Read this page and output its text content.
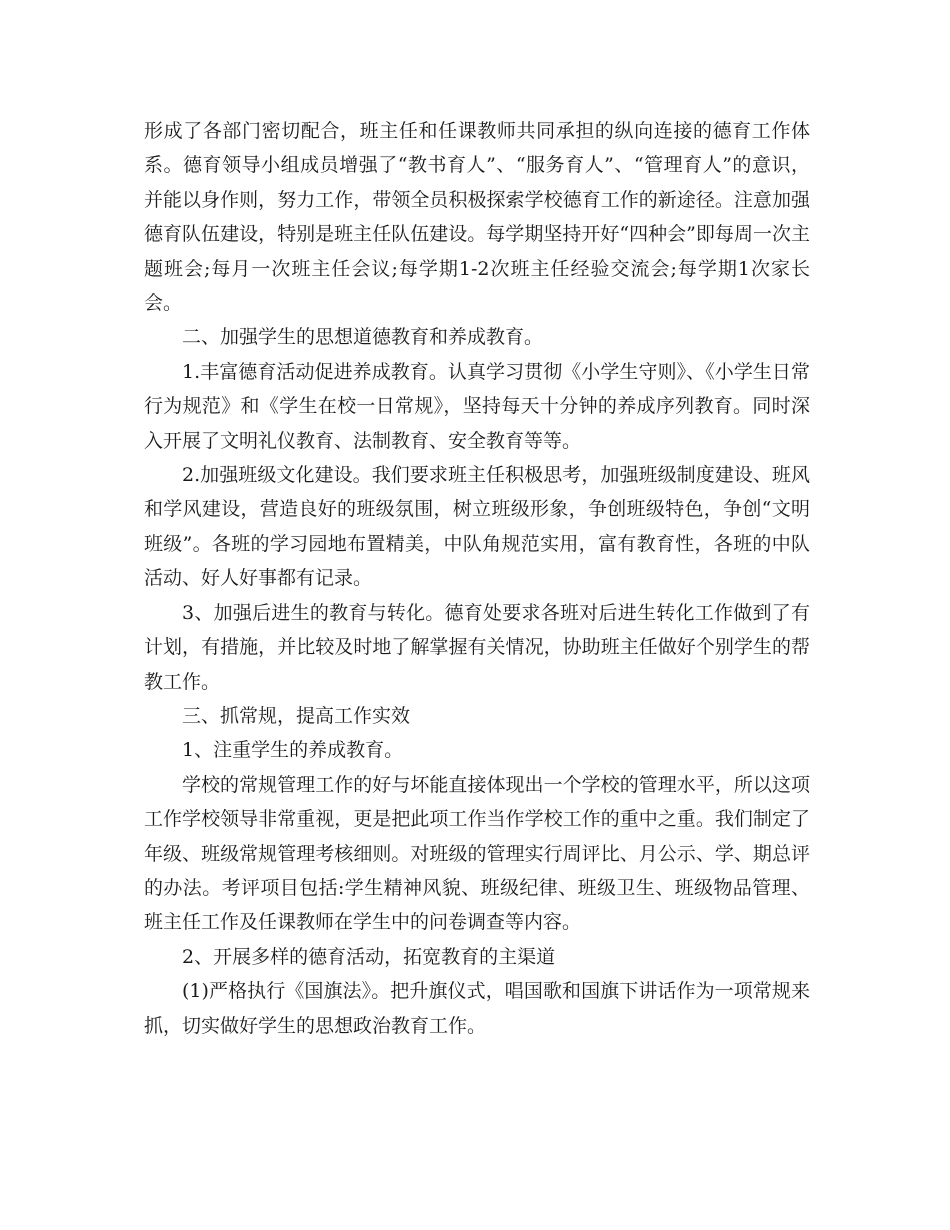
形成了各部门密切配合，班主任和任课教师共同承担的纵向连接的德育工作体系。德育领导小组成员增强了“教书育人”、“服务育人”、“管理育人”的意识，并能以身作则，努力工作，带领全员积极探索学校德育工作的新途径。注意加强德育队伍建设，特别是班主任队伍建设。每学期坚持开好“四种会”即每周一次主题班会;每月一次班主任会议;每学期1-2次班主任经验交流会;每学期1次家长会。

二、加强学生的思想道德教育和养成教育。

1.丰富德育活动促进养成教育。认真学习贯彻《小学生守则》、《小学生日常行为规范》和《学生在校一日常规》，坚持每天十分钟的养成序列教育。同时深入开展了文明礼仪教育、法制教育、安全教育等等。

2.加强班级文化建设。我们要求班主任积极思考，加强班级制度建设、班风和学风建设，营造良好的班级氛围，树立班级形象，争创班级特色，争创“文明班级”。各班的学习园地布置精美，中队角规范实用，富有教育性，各班的中队活动、好人好事都有记录。

3、加强后进生的教育与转化。德育处要求各班对后进生转化工作做到了有计划，有措施，并比较及时地了解掌握有关情况，协助班主任做好个别学生的帮教工作。

三、抓常规，提高工作实效

1、注重学生的养成教育。

学校的常规管理工作的好与坏能直接体现出一个学校的管理水平，所以这项工作学校领导非常重视，更是把此项工作当作学校工作的重中之重。我们制定了年级、班级常规管理考核细则。对班级的管理实行周评比、月公示、学、期总评的办法。考评项目包括:学生精神风貌、班级纪律、班级卫生、班级物品管理、班主任工作及任课教师在学生中的问卷调查等内容。

2、开展多样的德育活动，拓宽教育的主渠道

(1)严格执行《国旗法》。把升旗仪式，唱国歌和国旗下讲话作为一项常规来抓，切实做好学生的思想政治教育工作。
